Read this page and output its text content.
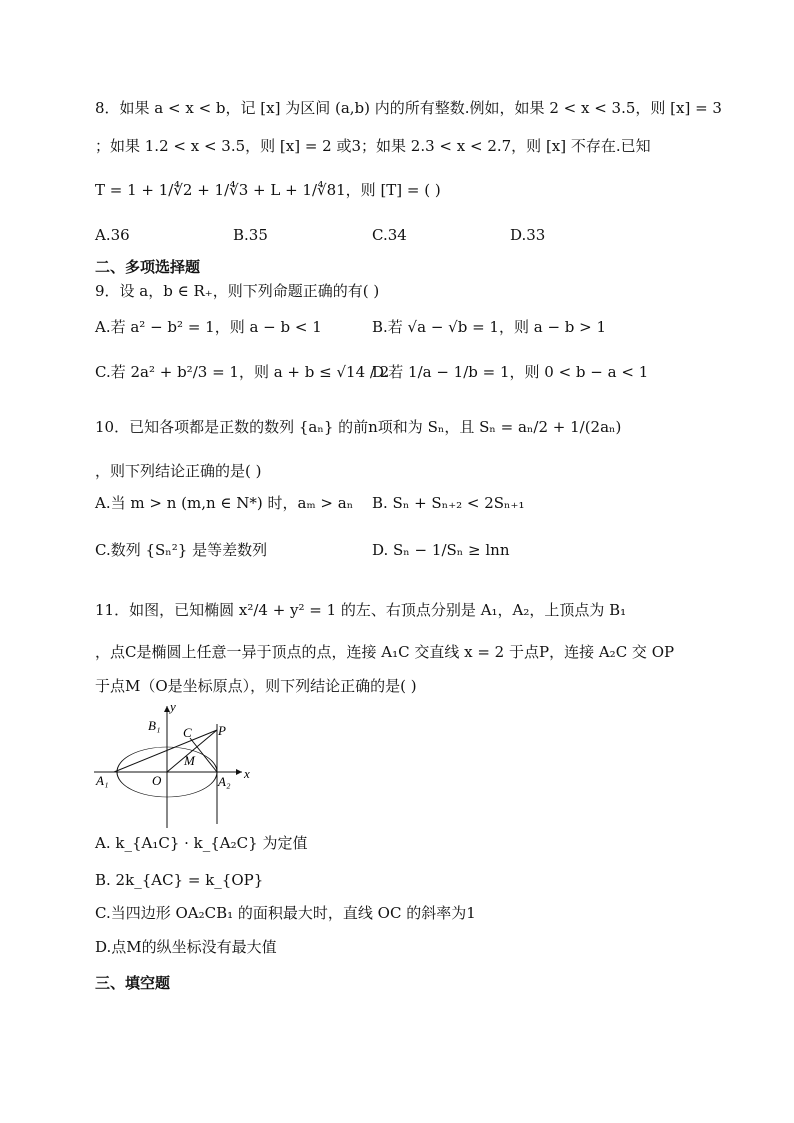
8．如果 a < x < b，记 [x] 为区间 (a,b) 内的所有整数.例如，如果 2 < x < 3.5，则 [x] = 3
；如果 1.2 < x < 3.5，则 [x] = 2 或3；如果 2.3 < x < 2.7，则 [x] 不存在.已知
T = 1 + 1/∜2 + 1/∜3 + L + 1/∜81，则 [T] = ( )
A.36	B.35	C.34	D.33
二、多项选择题
9．设 a，b ∈ R₊，则下列命题正确的有( )
A.若 a² − b² = 1，则 a − b < 1	B.若 √a − √b = 1，则 a − b > 1
C.若 2a² + b²/3 = 1，则 a + b ≤ √14 / 2
D.若 1/a − 1/b = 1，则 0 < b − a < 1
10．已知各项都是正数的数列 {aₙ} 的前n项和为 Sₙ，且 Sₙ = aₙ/2 + 1/(2aₙ)
，则下列结论正确的是( )
A.当 m > n (m,n ∈ N*) 时，aₘ > aₙ B. Sₙ + Sₙ₊₂ < 2Sₙ₊₁
C.数列 {Sₙ²} 是等差数列	D. Sₙ − 1/Sₙ ≥ lnn
11．如图，已知椭圆 x²/4 + y² = 1 的左、右顶点分别是 A₁，A₂，上顶点为 B₁
，点C是椭圆上任意一异于顶点的点，连接 A₁C 交直线 x = 2 于点P，连接 A₂C 交 OP
于点M（O是坐标原点），则下列结论正确的是( )
y
x
B₁ C P
M
A₁	O	A₂
A. k_{A₁C} · k_{A₂C} 为定值
B. 2k_{AC} = k_{OP}
C.当四边形 OA₂CB₁ 的面积最大时，直线 OC 的斜率为1
D.点M的纵坐标没有最大值
三、填空题
